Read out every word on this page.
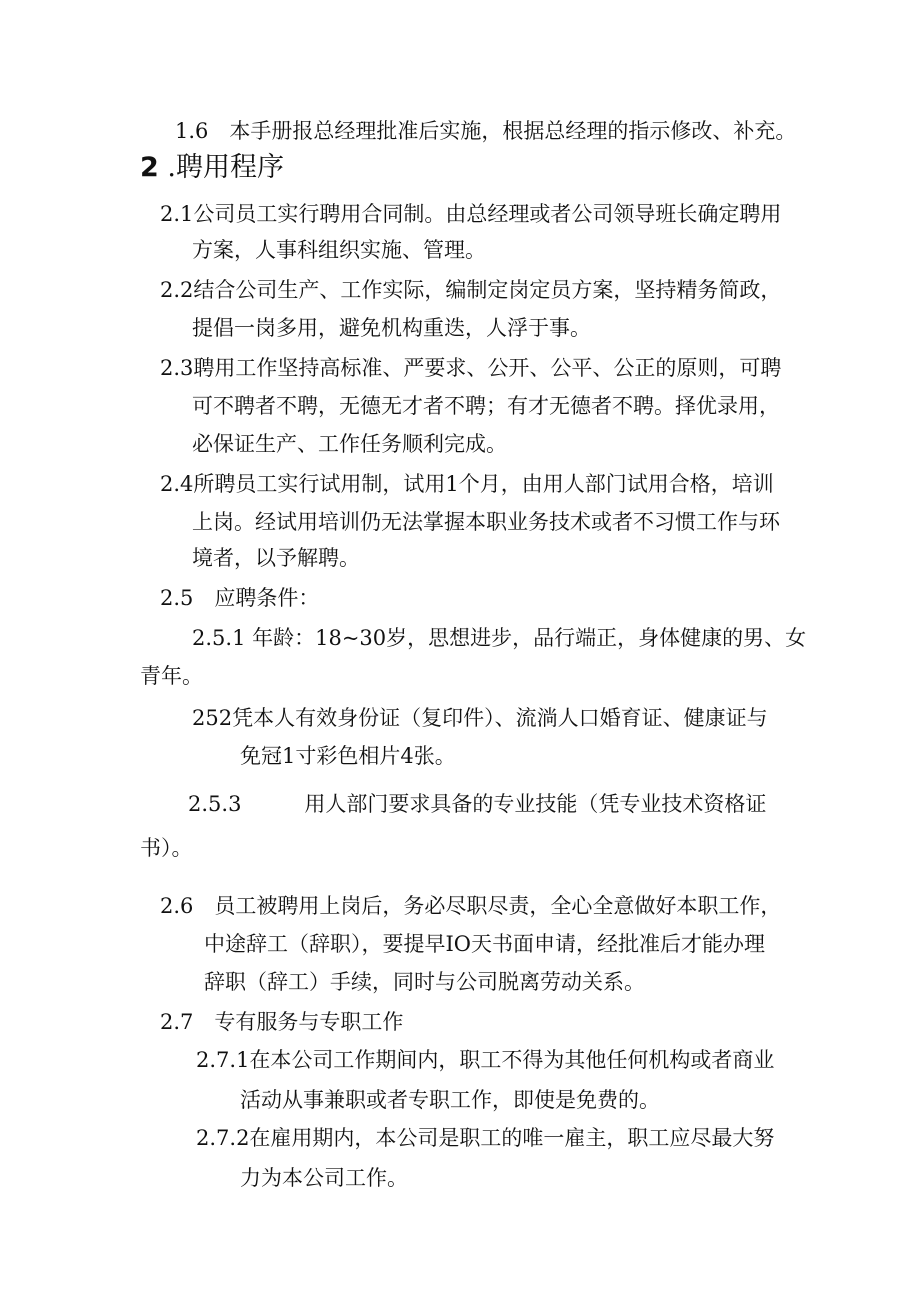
1.6　本手册报总经理批准后实施，根据总经理的指示修改、补充。
2 .聘用程序
2.1公司员工实行聘用合同制。由总经理或者公司领导班长确定聘用
方案，人事科组织实施、管理。
2.2结合公司生产、工作实际，编制定岗定员方案，坚持精务简政，
提倡一岗多用，避免机构重迭，人浮于事。
2.3聘用工作坚持高标准、严要求、公开、公平、公正的原则，可聘
可不聘者不聘，无德无才者不聘；有才无德者不聘。择优录用，
必保证生产、工作任务顺利完成。
2.4所聘员工实行试用制，试用1个月，由用人部门试用合格，培训
上岗。经试用培训仍无法掌握本职业务技术或者不习惯工作与环
境者，以予解聘。
2.5　应聘条件：
2.5.1 年龄：18~30岁，思想进步，品行端正，身体健康的男、女
青年。
252凭本人有效身份证（复印件）、流淌人口婚育证、健康证与
免冠1寸彩色相片4张。
2.5.3　　　用人部门要求具备的专业技能（凭专业技术资格证
书）。
2.6　员工被聘用上岗后，务必尽职尽责，全心全意做好本职工作，
中途辞工（辞职），要提早IO天书面申请，经批准后才能办理
辞职（辞工）手续，同时与公司脱离劳动关系。
2.7　专有服务与专职工作
2.7.1在本公司工作期间内，职工不得为其他任何机构或者商业
活动从事兼职或者专职工作，即使是免费的。
2.7.2在雇用期内，本公司是职工的唯一雇主，职工应尽最大努
力为本公司工作。
